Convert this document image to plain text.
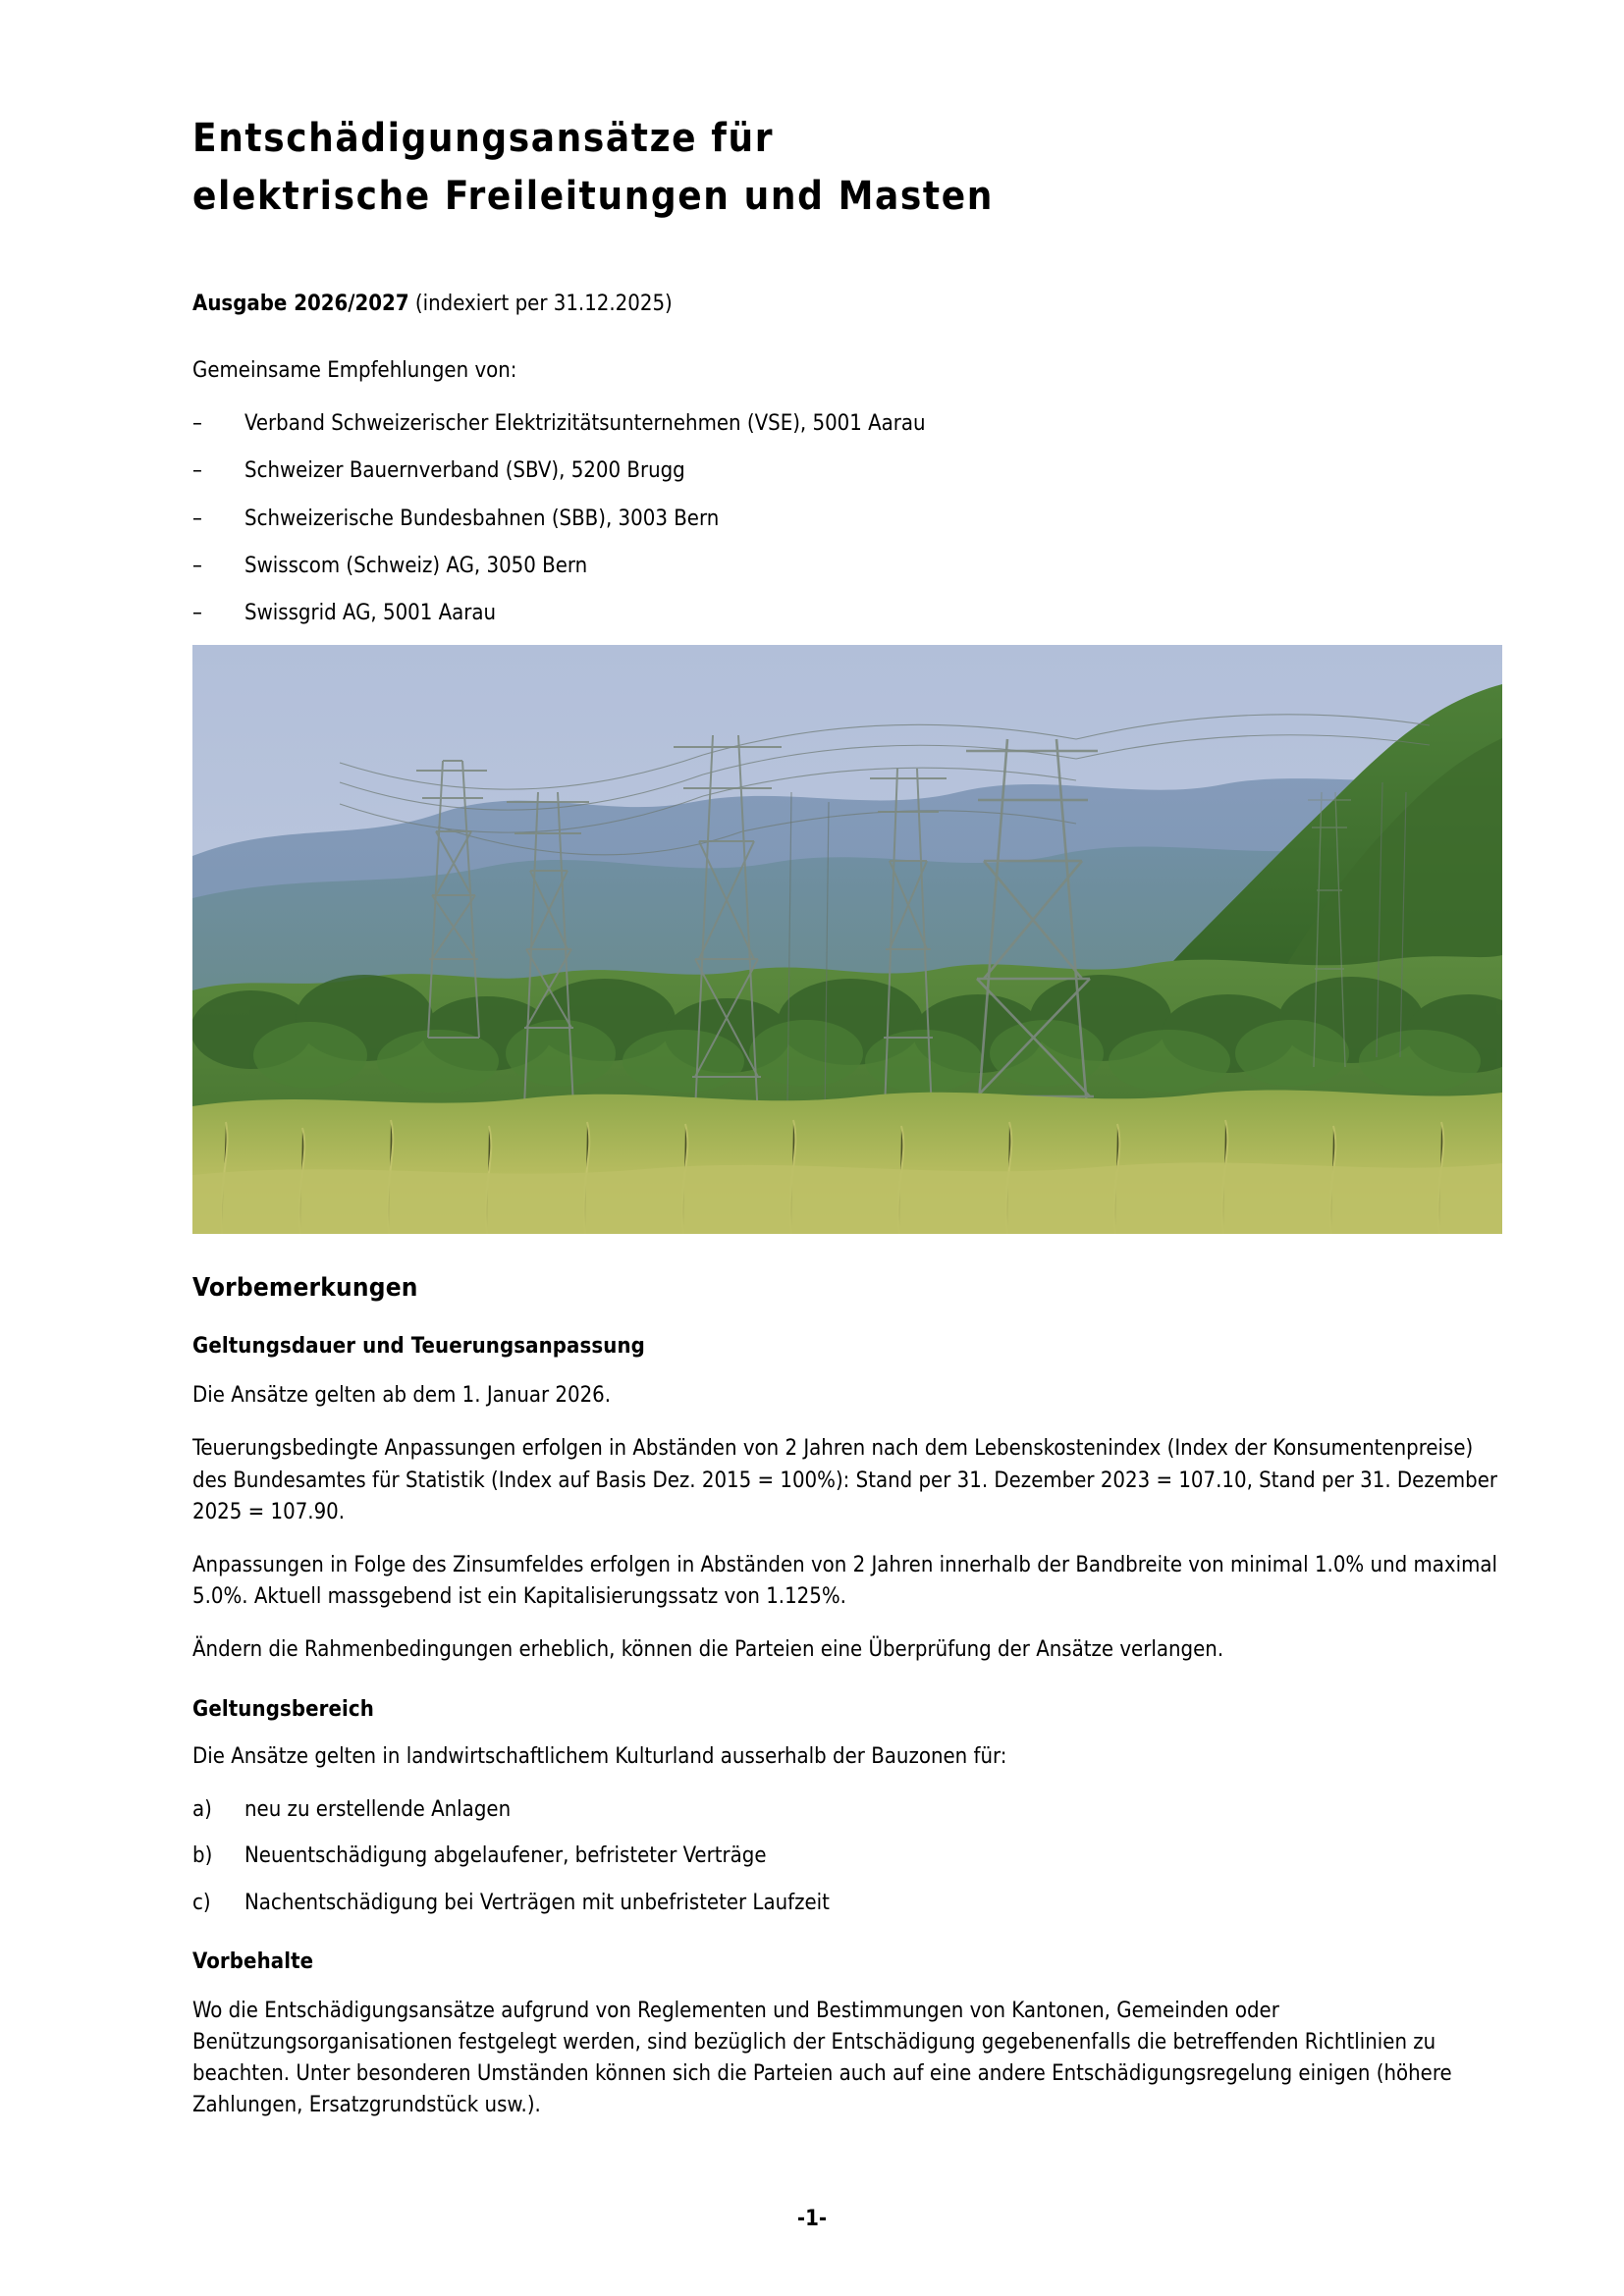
Entschädigungsansätze für
elektrische Freileitungen und Masten
Ausgabe 2026/2027 (indexiert per 31.12.2025)
Gemeinsame Empfehlungen von:
–	Verband Schweizerischer Elektrizitätsunternehmen (VSE), 5001 Aarau
–	Schweizer Bauernverband (SBV), 5200 Brugg
–	Schweizerische Bundesbahnen (SBB), 3003 Bern
–	Swisscom (Schweiz) AG, 3050 Bern
–	Swissgrid AG, 5001 Aarau
Vorbemerkungen
Geltungsdauer und Teuerungsanpassung

Die Ansätze gelten ab dem 1. Januar 2026.

Teuerungsbedingte Anpassungen erfolgen in Abständen von 2 Jahren nach dem Lebenskostenindex (Index der Konsumentenpreise) des Bundesamtes für Statistik (Index auf Basis Dez. 2015 = 100%): Stand per 31. Dezember 2023 = 107.10, Stand per 31. Dezember 2025 = 107.90.

Anpassungen in Folge des Zinsumfeldes erfolgen in Abständen von 2 Jahren innerhalb der Bandbreite von minimal 1.0% und maximal 5.0%. Aktuell massgebend ist ein Kapitalisierungssatz von 1.125%.

Ändern die Rahmenbedingungen erheblich, können die Parteien eine Überprüfung der Ansätze verlangen.

Geltungsbereich

Die Ansätze gelten in landwirtschaftlichem Kulturland ausserhalb der Bauzonen für:

a) neu zu erstellende Anlagen
b) Neuentschädigung abgelaufener, befristeter Verträge
c) Nachentschädigung bei Verträgen mit unbefristeter Laufzeit
Vorbehalte

Wo die Entschädigungsansätze aufgrund von Reglementen und Bestimmungen von Kantonen, Gemeinden oder Benützungsorganisationen festgelegt werden, sind bezüglich der Entschädigung gegebenenfalls die betreffenden Richtlinien zu beachten. Unter besonderen Umständen können sich die Parteien auch auf eine andere Entschädigungsregelung einigen (höhere Zahlungen, Ersatzgrundstück usw.).

-1-
